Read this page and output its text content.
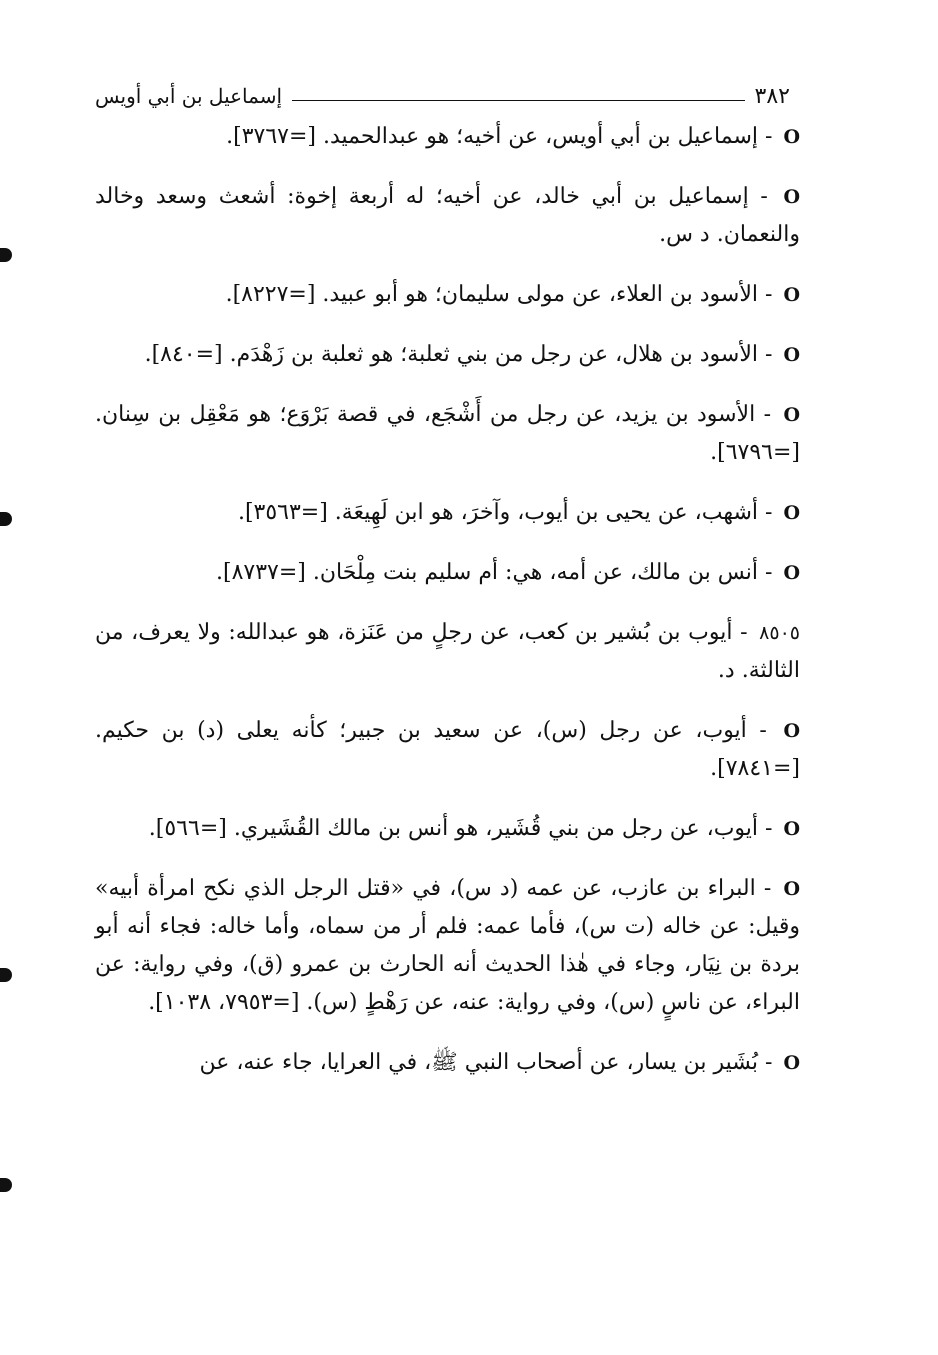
٣٨٢
إسماعيل بن أبي أويس

O - إسماعيل بن أبي أويس، عن أخيه؛ هو عبدالحميد. [=٣٧٦٧].

O - إسماعيل بن أبي خالد، عن أخيه؛ له أربعة إخوة: أشعث وسعد وخالد والنعمان. د س.

O - الأسود بن العلاء، عن مولى سليمان؛ هو أبو عبيد. [=٨٢٢٧].

O - الأسود بن هلال، عن رجل من بني ثعلبة؛ هو ثعلبة بن زَهْدَم. [=٨٤٠].

O - الأسود بن يزيد، عن رجل من أَشْجَع، في قصة بَرْوَع؛ هو مَعْقِل بن سِنان. [=٦٧٩٦].

O - أشهب، عن يحيى بن أيوب، وآخرَ، هو ابن لَهِيعَة. [=٣٥٦٣].

O - أنس بن مالك، عن أمه، هي: أم سليم بنت مِلْحَان. [=٨٧٣٧].

٨٥٠٥ - أيوب بن بُشير بن كعب، عن رجلٍ من عَنَزة، هو عبدالله: ولا يعرف، من الثالثة. د.

O - أيوب، عن رجل (س)، عن سعيد بن جبير؛ كأنه يعلى (د) بن حكيم. [=٧٨٤١].

O - أيوب، عن رجل من بني قُشَير، هو أنس بن مالك القُشَيري. [=٥٦٦].

O - البراء بن عازب، عن عمه (د س)، في «قتل الرجل الذي نكح امرأة أبيه» وقيل: عن خاله (ت س)، فأما عمه: فلم أر من سماه، وأما خاله: فجاء أنه أبو بردة بن نِيَار، وجاء في هٰذا الحديث أنه الحارث بن عمرو (ق)، وفي رواية: عن البراء، عن ناسٍ (س)، وفي رواية: عنه، عن رَهْطٍ (س). [=٧٩٥٣، ١٠٣٨].

O - بُشَير بن يسار، عن أصحاب النبي ﷺ، في العرايا، جاء عنه، عن
